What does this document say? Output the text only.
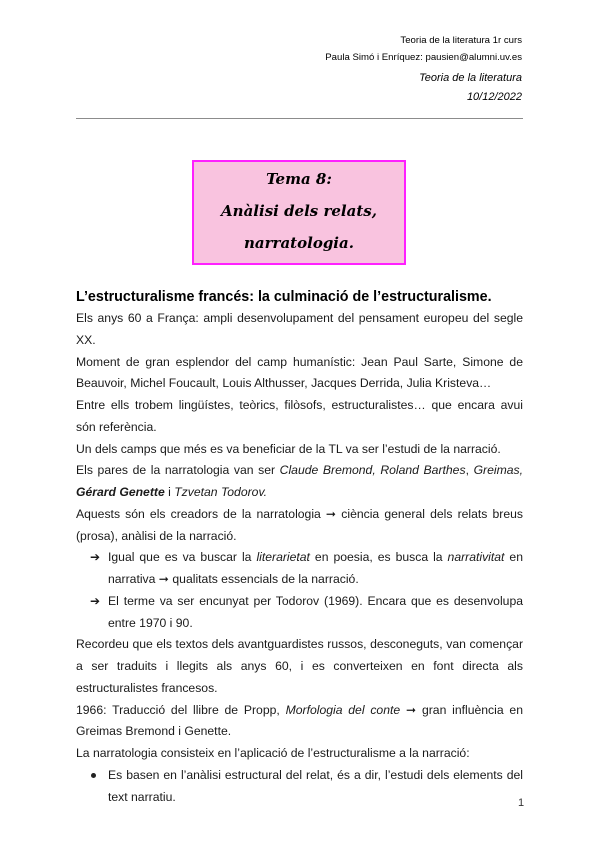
Teoria de la literatura 1r curs
Paula Simó i Enríquez: pausien@alumni.uv.es
Teoria de la literatura
10/12/2022
Tema 8:
Anàlisi dels relats,
narratologia.

L’estructuralisme francés: la culminació de l’estructuralisme.

Els anys 60 a França: ampli desenvolupament del pensament europeu del segle XX.

Moment de gran esplendor del camp humanístic: Jean Paul Sarte, Simone de Beauvoir, Michel Foucault, Louis Althusser, Jacques Derrida, Julia Kristeva…

Entre ells trobem lingüístes, teòrics, filòsofs, estructuralistes… que encara avui són referència.

Un dels camps que més es va beneficiar de la TL va ser l’estudi de la narració.

Els pares de la narratologia van ser Claude Bremond, Roland Barthes, Greimas, Gérard Genette i Tzvetan Todorov.

Aquests són els creadors de la narratologia ➞ ciència general dels relats breus (prosa), anàlisi de la narració.

➔ Igual que es va buscar la literarietat en poesia, es busca la narrativitat en narrativa ➞ qualitats essencials de la narració.
➔ El terme va ser encunyat per Todorov (1969). Encara que es desenvolupa entre 1970 i 90.

Recordeu que els textos dels avantguardistes russos, desconeguts, van començar a ser traduits i llegits als anys 60, i es converteixen en font directa als estructuralistes francesos.

1966: Traducció del llibre de Propp, Morfologia del conte ➞ gran influència en Greimas Bremond i Genette.

La narratologia consisteix en l’aplicació de l’estructuralisme a la narració:

Es basen en l’anàlisi estructural del relat, és a dir, l’estudi dels elements del text narratiu.	1
